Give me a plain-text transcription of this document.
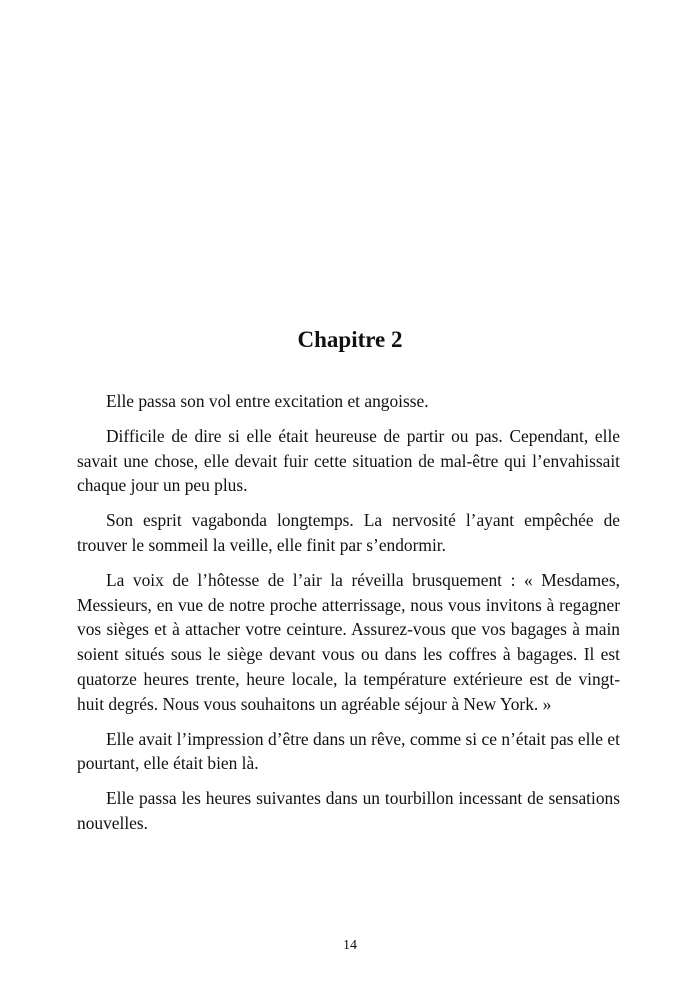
Chapitre 2

Elle passa son vol entre excitation et angoisse.

Difficile de dire si elle était heureuse de partir ou pas. Cependant, elle savait une chose, elle devait fuir cette situation de mal-être qui l’envahissait chaque jour un peu plus.

Son esprit vagabonda longtemps. La nervosité l’ayant empêchée de trouver le sommeil la veille, elle finit par s’endormir.

La voix de l’hôtesse de l’air la réveilla brusquement : « Mesdames, Messieurs, en vue de notre proche atterrissage, nous vous invitons à regagner vos sièges et à attacher votre ceinture. Assurez-vous que vos bagages à main soient situés sous le siège devant vous ou dans les coffres à bagages. Il est quatorze heures trente, heure locale, la température extérieure est de vingt-huit degrés. Nous vous souhaitons un agréable séjour à New York. »

Elle avait l’impression d’être dans un rêve, comme si ce n’était pas elle et pourtant, elle était bien là.

Elle passa les heures suivantes dans un tourbillon incessant de sensations nouvelles.

14
